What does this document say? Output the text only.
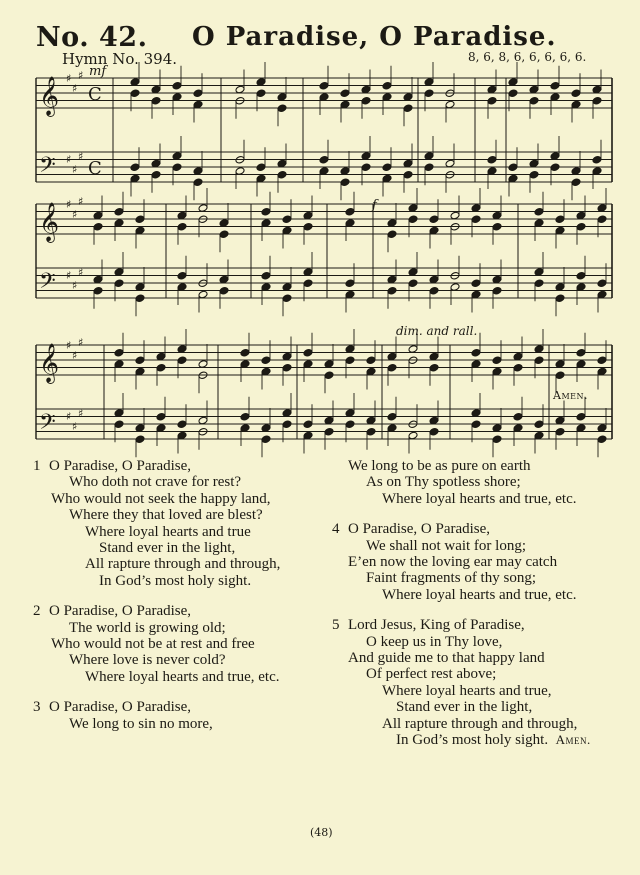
No. 42. O Paradise, O Paradise.
Hymn No. 394.	8, 6, 8, 6, 6, 6, 6, 6.
𝄞 ♯
♯
♯
C
𝄢 ♯
♯
♯
C
𝄞 ♯
♯
♯
𝄢 ♯
♯
♯
𝄞 ♯
♯
♯
𝄢 ♯
♯
♯
mf
f
dim. and rall.
Amen.
1 O Paradise, O Paradise,
Who doth not crave for rest?
Who would not seek the happy land,
Where they that loved are blest?
Where loyal hearts and true
Stand ever in the light,
All rapture through and through,
In God’s most holy sight.
2 O Paradise, O Paradise,
The world is growing old;
Who would not be at rest and free
Where love is never cold?
Where loyal hearts and true, etc.
3 O Paradise, O Paradise,
We long to sin no more,
We long to be as pure on earth
As on Thy spotless shore;
Where loyal hearts and true, etc.
4 O Paradise, O Paradise,
We shall not wait for long;
E’en now the loving ear may catch
Faint fragments of thy song;
Where loyal hearts and true, etc.
5 Lord Jesus, King of Paradise,
O keep us in Thy love,
And guide me to that happy land
Of perfect rest above;
Where loyal hearts and true,
Stand ever in the light,
All rapture through and through,
In God’s most holy sight. Amen.
(48)
